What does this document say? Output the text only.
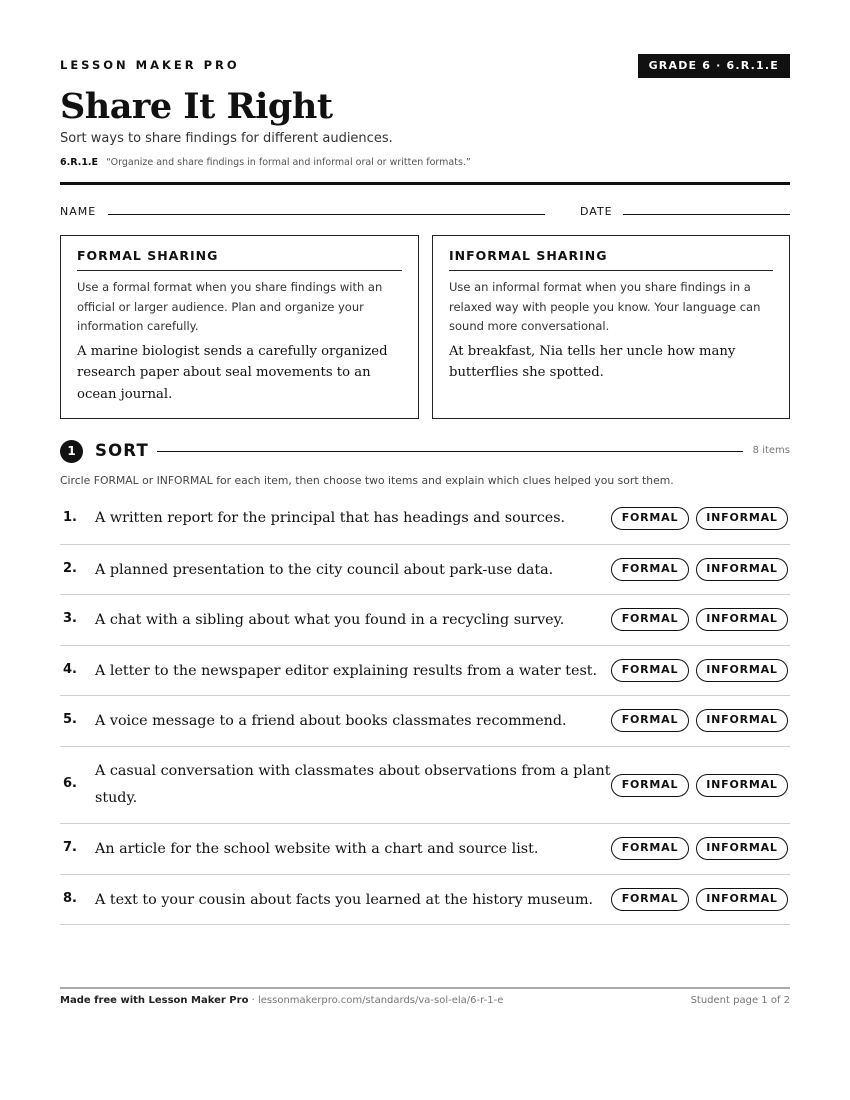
LESSON MAKER PRO	GRADE 6 · 6.R.1.E
Share It Right
Sort ways to share findings for different audiences.
6.R.1.E “Organize and share findings in formal and informal oral or written formats.”
NAME	DATE
FORMAL SHARING
Use a formal format when you share findings with an official or larger audience. Plan and organize your information carefully.
A marine biologist sends a carefully organized research paper about seal movements to an ocean journal.
INFORMAL SHARING
Use an informal format when you share findings in a relaxed way with people you know. Your language can sound more conversational.
At breakfast, Nia tells her uncle how many butterflies she spotted.
1	SORT	8 items
Circle FORMAL or INFORMAL for each item, then choose two items and explain which clues helped you sort them.
1. A written report for the principal that has headings and sources.	FORMAL	INFORMAL
2. A planned presentation to the city council about park-use data.	FORMAL	INFORMAL
3. A chat with a sibling about what you found in a recycling survey.	FORMAL	INFORMAL
4. A letter to the newspaper editor explaining results from a water test.	FORMAL	INFORMAL
5. A voice message to a friend about books classmates recommend.	FORMAL	INFORMAL
6.
A casual conversation with classmates about observations from a plant study.
FORMAL	INFORMAL
7. An article for the school website with a chart and source list.	FORMAL	INFORMAL
8. A text to your cousin about facts you learned at the history museum.	FORMAL	INFORMAL
Made free with Lesson Maker Pro · lessonmakerpro.com/standards/va-sol-ela/6-r-1-e	Student page 1 of 2
